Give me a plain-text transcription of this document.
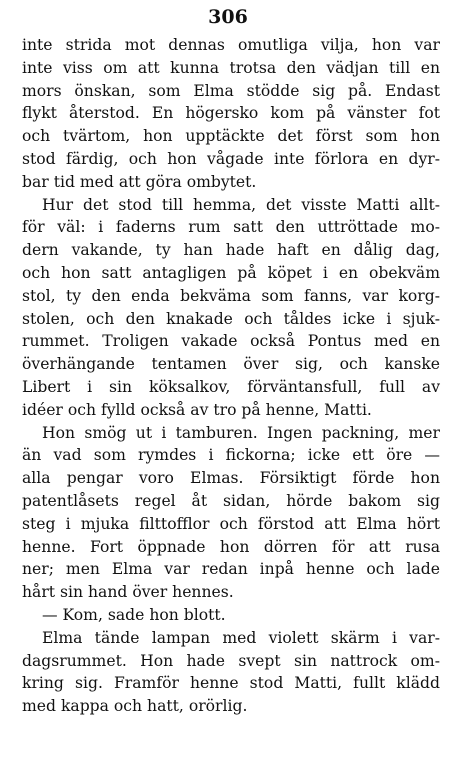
306
inte strida mot dennas omutliga vilja, hon var
inte viss om att kunna trotsa den vädjan till en
mors önskan, som Elma stödde sig på. Endast
flykt återstod. En högersko kom på vänster fot
och tvärtom, hon upptäckte det först som hon
stod färdig, och hon vågade inte förlora en dyr-
bar tid med att göra ombytet.
Hur det stod till hemma, det visste Matti allt-
för väl: i faderns rum satt den uttröttade mo-
dern vakande, ty han hade haft en dålig dag,
och hon satt antagligen på köpet i en obekväm
stol, ty den enda bekväma som fanns, var korg-
stolen, och den knakade och tåldes icke i sjuk-
rummet. Troligen vakade också Pontus med en
överhängande tentamen över sig, och kanske
Libert i sin köksalkov, förväntansfull, full av
idéer och fylld också av tro på henne, Matti.
Hon smög ut i tamburen. Ingen packning, mer
än vad som rymdes i fickorna; icke ett öre —
alla pengar voro Elmas. Försiktigt förde hon
patentlåsets regel åt sidan, hörde bakom sig
steg i mjuka filttofflor och förstod att Elma hört
henne. Fort öppnade hon dörren för att rusa
ner; men Elma var redan inpå henne och lade
hårt sin hand över hennes.
— Kom, sade hon blott.
Elma tände lampan med violett skärm i var-
dagsrummet. Hon hade svept sin nattrock om-
kring sig. Framför henne stod Matti, fullt klädd
med kappa och hatt, orörlig.
